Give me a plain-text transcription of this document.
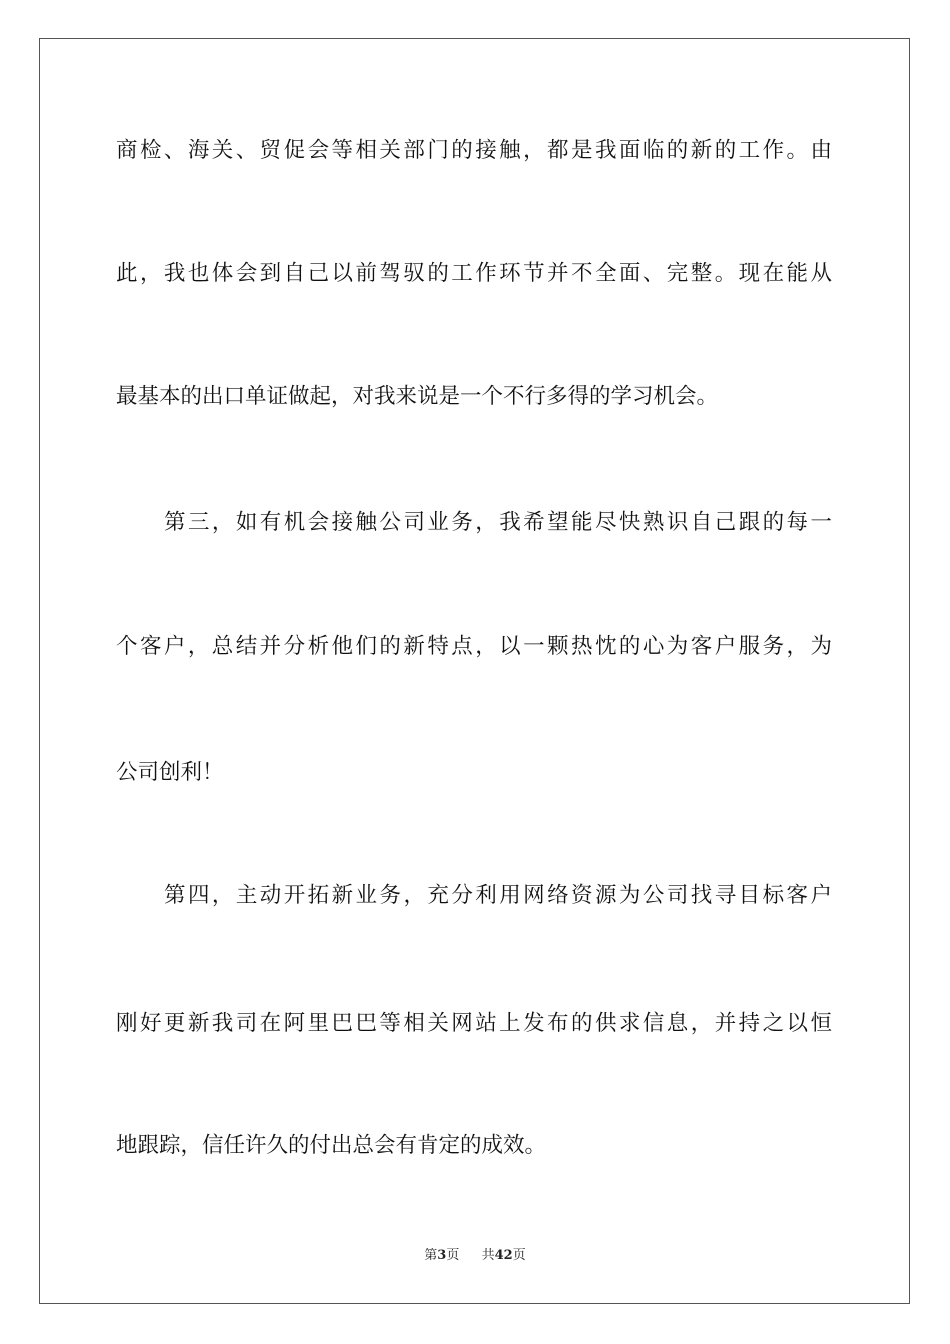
商检、海关、贸促会等相关部门的接触，都是我面临的新的工作。由
此，我也体会到自己以前驾驭的工作环节并不全面、完整。现在能从
最基本的出口单证做起，对我来说是一个不行多得的学习机会。
第三，如有机会接触公司业务，我希望能尽快熟识自己跟的每一
个客户，总结并分析他们的新特点，以一颗热忱的心为客户服务，为
公司创利！
第四，主动开拓新业务，充分利用网络资源为公司找寻目标客户
刚好更新我司在阿里巴巴等相关网站上发布的供求信息，并持之以恒
地跟踪，信任许久的付出总会有肯定的成效。
第3页 共42页
